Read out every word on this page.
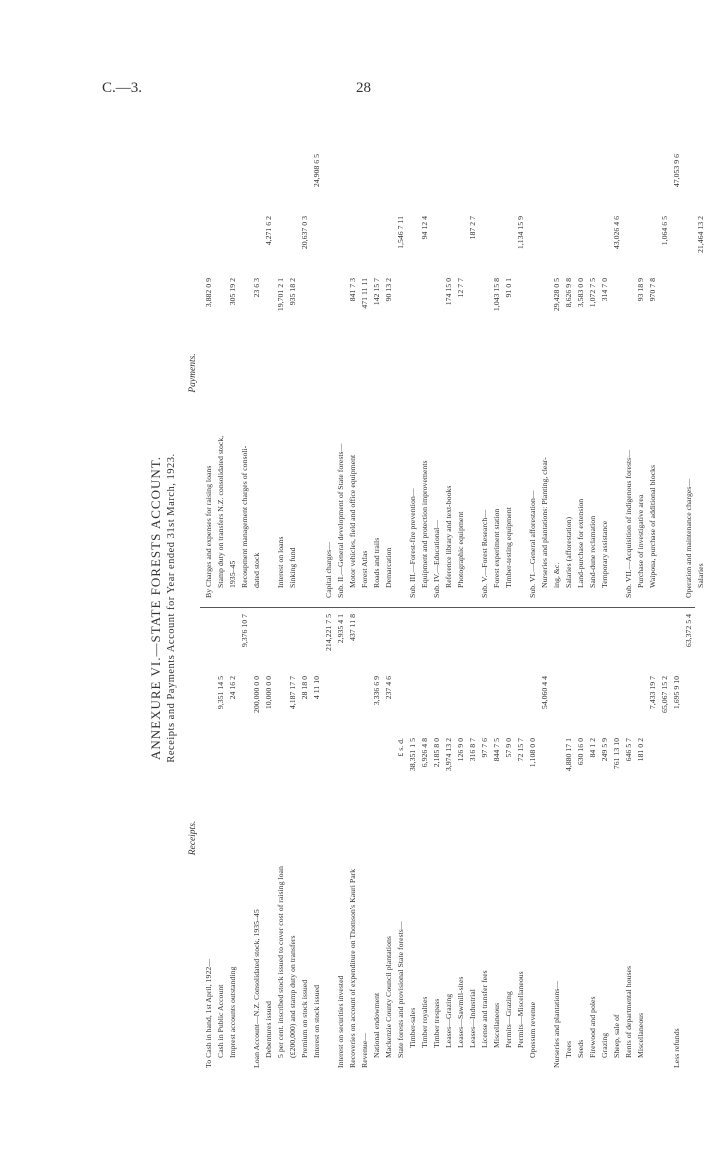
C.—3.	28
ANNEXURE VI.—STATE FORESTS ACCOUNT. Receipts and Payments Account for Year ended 31st March, 1923.
Receipts.
Payments.
To Cash in hand, 1st April, 1922— Cash in Public Account
9,351 14 5
Imprest accounts outstanding
24 16 2
9,376 10 7
Loan Account—N.Z. Consolidated stock, 1935–45
200,000 0 0
Debentures issued
10,000 0 0
5 per cent. inscribed stock issued to cover cost of raising loan (£200,000) and stamp duty on transfers
4,187 17 7
Premium on stock issued
28 18 0
Interest on stock issued
4 11 10
214,221 7 5
Interest on securities invested
2,935 4 1
Recoveries on account of expenditure on Thomson's Kauri Park
437 11 8
Revenue— National endowment
3,336 6 9
Mackenzie County Council plantations
237 4 6
State forests and provisional State forests—
£ s. d.
Timber-sales
38,351 1 5
Timber royalties
6,926 4 8
Timber trespass
2,185 8 0
Leases—Grazing
3,974 13 2
Leases—Sawmill-sites
126 9 0
Leases—Industrial
316 8 7
License and transfer fees
97 7 6
Miscellaneous
844 7 5
Permits—Grazing
57 9 0
Permits—Miscellaneous
72 15 7
Opossum revenue
1,108 0 0
54,060 4 4
Nurseries and plantations— Trees
4,880 17 1
Seeds
630 16 0
Firewood and poles
84 1 2
Grazing
249 5 9
Sheep, sale of
761 13 10
Rents of departmental houses
646 5 7
Miscellaneous
181 0 2
7,433 19 7 65,067 15 2
Less refunds
1,695 9 10
63,372 5 4
By Charges and expenses for raising loans
3,882 0 9
Stamp duty on transfers N.Z. consolidated stock, 1935–45
305 19 2
Recoupment management charges of consoli- dated stock
23 6 3
4,271 6 2
Interest on loans
19,701 2 1
Sinking fund
935 18 2
20,637 0 3
24,908 6 5
Capital charges— Sub. II.—General development of State forests— Motor vehicles, field and office equipment
841 7 3
Forest Atlas
471 11 11
Roads and trails
142 15 7
Demarcation
90 13 2
1,546 7 11
Sub. III.—Forest-fire prevention— Equipment and protection improvements
94 12 4
Sub. IV.—Educational— Reference library and text-books
174 15 0
Photographic equipment
12 7 7
187 2 7
Sub. V.—Forest Research— Forest experiment station
1,043 15 8
Timber-testing equipment
91 0 1
1,134 15 9
Sub. VI.—General afforestation— Nurseries and plantations: Planting, clear- ing, &c.
29,428 0 5
Salaries (afforestation)
8,626 9 8
Land-purchase for extension
3,583 0 0
Sand-dune reclamation
1,072 7 5
Temporary assistance
314 7 0
43,026 4 6
Sub. VII.—Acquisition of indigenous forests— Purchase of investigative area
93 18 9
Waipoua, purchase of additional blocks
970 7 8
1,064 6 5
47,053 9 6
Operation and maintenance charges— Salaries
21,464 13 2
